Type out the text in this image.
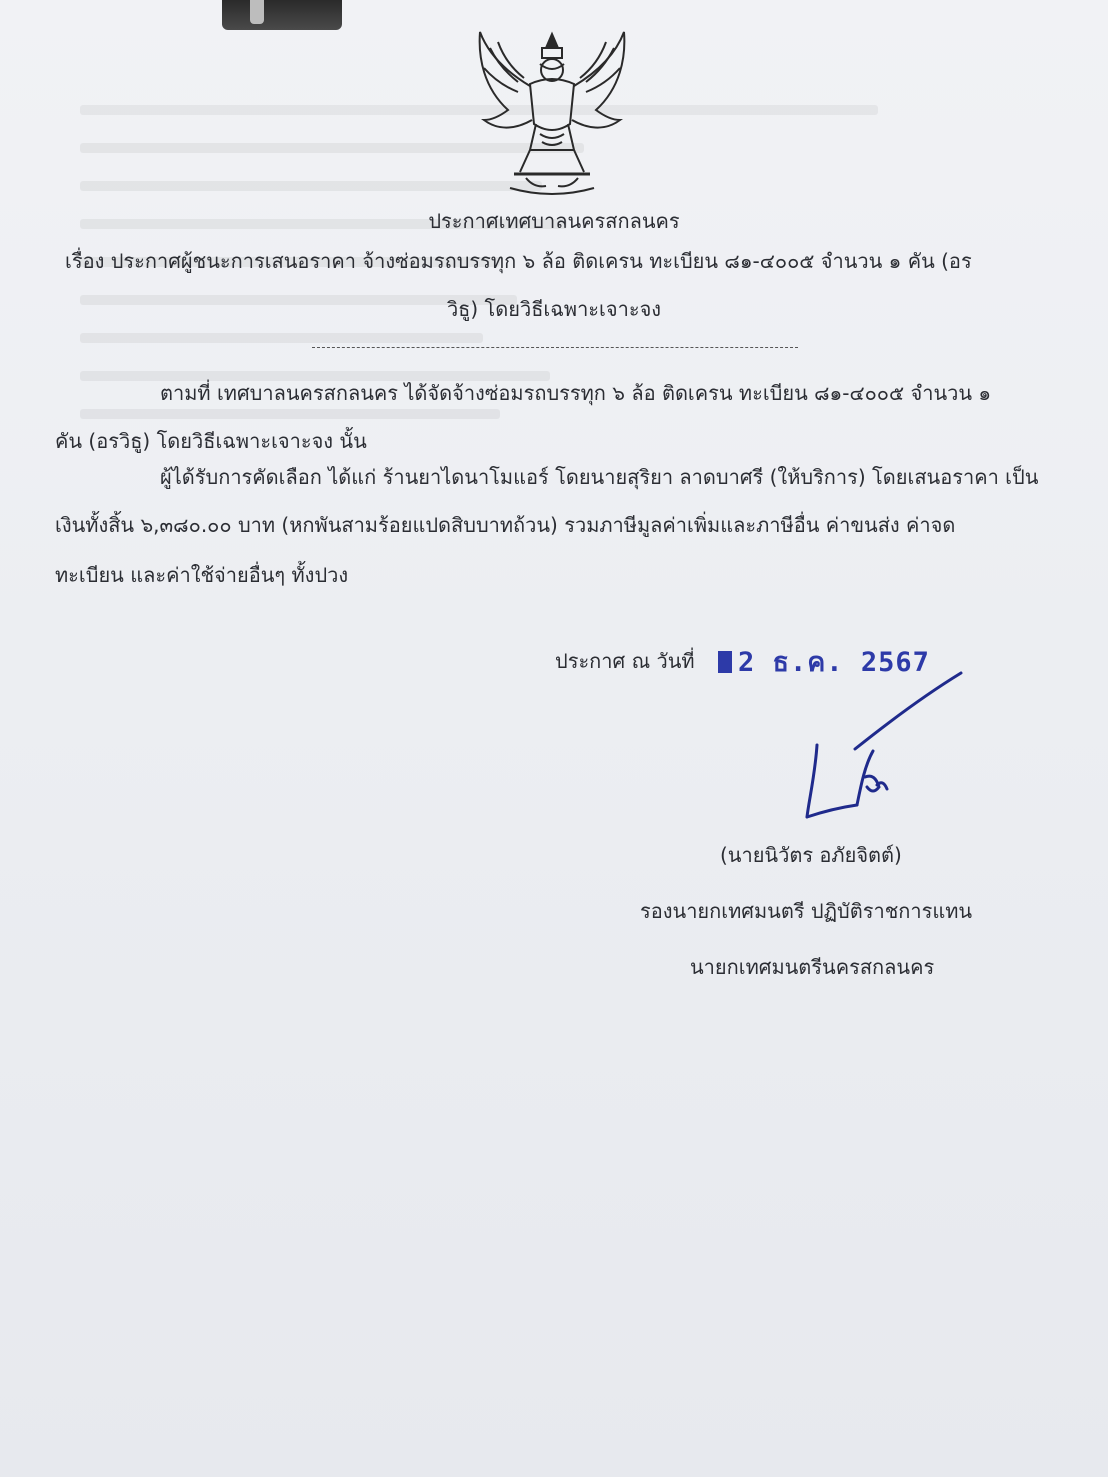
ประกาศเทศบาลนครสกลนคร
เรื่อง ประกาศผู้ชนะการเสนอราคา จ้างซ่อมรถบรรทุก ๖ ล้อ ติดเครน ทะเบียน ๘๑-๔๐๐๕ จำนวน ๑ คัน (อร
วิธู) โดยวิธีเฉพาะเจาะจง
ตามที่ เทศบาลนครสกลนคร ได้จัดจ้างซ่อมรถบรรทุก ๖ ล้อ ติดเครน ทะเบียน ๘๑-๔๐๐๕ จำนวน ๑
คัน (อรวิธู) โดยวิธีเฉพาะเจาะจง นั้น
ผู้ได้รับการคัดเลือก ได้แก่ ร้านยาไดนาโมแอร์ โดยนายสุริยา ลาดบาศรี (ให้บริการ) โดยเสนอราคา เป็น
เงินทั้งสิ้น ๖,๓๘๐.๐๐ บาท (หกพันสามร้อยแปดสิบบาทถ้วน) รวมภาษีมูลค่าเพิ่มและภาษีอื่น ค่าขนส่ง ค่าจด
ทะเบียน และค่าใช้จ่ายอื่นๆ ทั้งปวง
ประกาศ ณ วันที่	2 ธ.ค. 2567
(นายนิวัตร อภัยจิตต์)
รองนายกเทศมนตรี ปฏิบัติราชการแทน
นายกเทศมนตรีนครสกลนคร
